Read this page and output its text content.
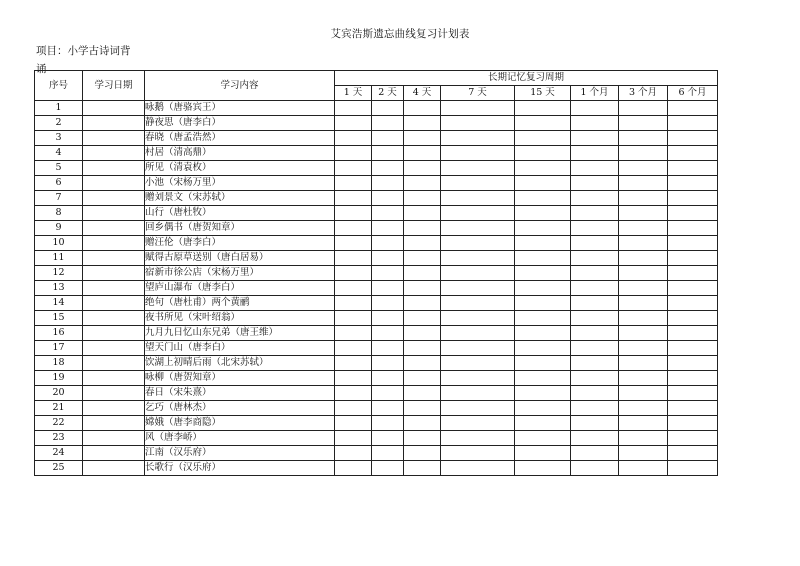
艾宾浩斯遗忘曲线复习计划表
项目：小学古诗词背
诵
序号	学习日期	学习内容	长期记忆复习周期							
			1 天	2 天	4 天	7 天	15 天	1 个月	3 个月	6 个月
1		咏鹅（唐骆宾王）								
2		静夜思（唐李白）								
3		春晓（唐孟浩然）								
4		村居（清高鼎）								
5		所见（清袁枚）								
6		小池（宋杨万里）								
7		赠刘景文（宋苏轼）								
8		山行（唐杜牧）								
9		回乡偶书（唐贺知章）								
10		赠汪伦（唐李白）								
11		赋得古原草送别（唐白居易）								
12		宿新市徐公店（宋杨万里）								
13		望庐山瀑布（唐李白）								
14		绝句（唐杜甫）两个黄鹂								
15		夜书所见（宋叶绍翁）								
16		九月九日忆山东兄弟（唐王维）								
17		望天门山（唐李白）								
18		饮湖上初晴后雨（北宋苏轼）								
19		咏柳（唐贺知章）								
20		春日（宋朱熹）								
21		乞巧（唐林杰）								
22		嫦娥（唐李商隐）								
23		风（唐李峤）								
24		江南（汉乐府）								
25		长歌行（汉乐府）								
